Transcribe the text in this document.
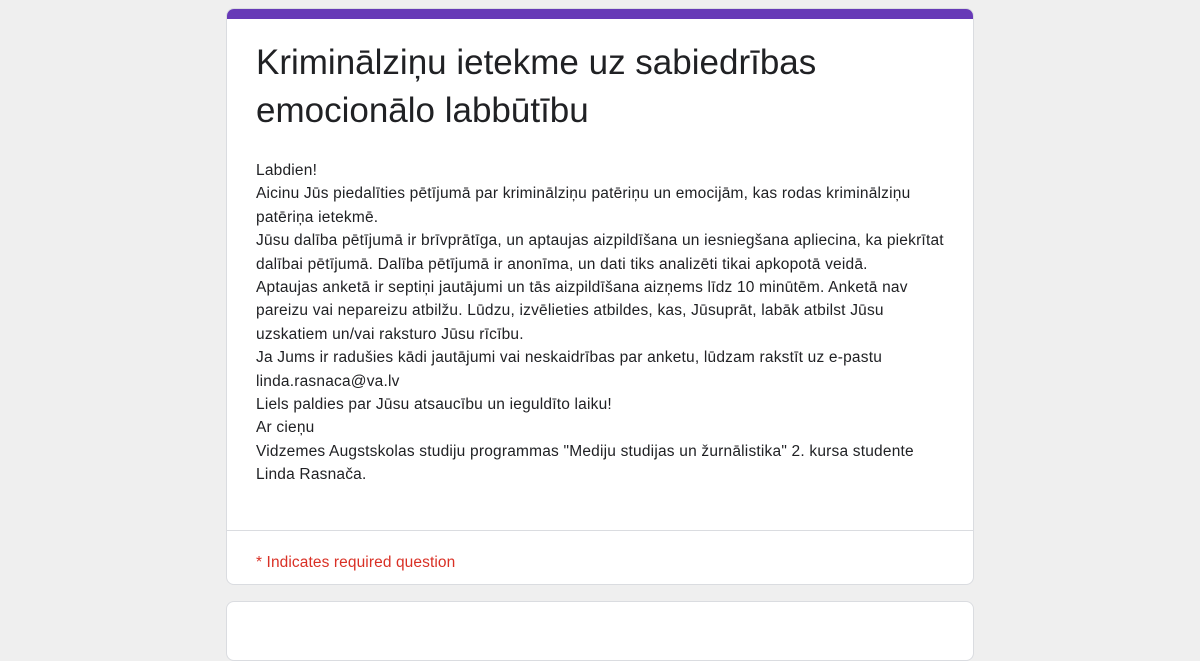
Kriminālziņu ietekme uz sabiedrības emocionālo labbūtību
Labdien!
Aicinu Jūs piedalīties pētījumā par kriminālziņu patēriņu un emocijām, kas rodas kriminālziņu patēriņa ietekmē.
Jūsu dalība pētījumā ir brīvprātīga, un aptaujas aizpildīšana un iesniegšana apliecina, ka piekrītat dalībai pētījumā. Dalība pētījumā ir anonīma, un dati tiks analizēti tikai apkopotā veidā.
Aptaujas anketā ir septiņi jautājumi un tās aizpildīšana aizņems līdz 10 minūtēm. Anketā nav pareizu vai nepareizu atbilžu. Lūdzu, izvēlieties atbildes, kas, Jūsuprāt, labāk atbilst Jūsu uzskatiem un/vai raksturo Jūsu rīcību.
Ja Jums ir radušies kādi jautājumi vai neskaidrības par anketu, lūdzam rakstīt uz e-pastu linda.rasnaca@va.lv
Liels paldies par Jūsu atsaucību un ieguldīto laiku!
Ar cieņu
Vidzemes Augstskolas studiju programmas "Mediju studijas un žurnālistika" 2. kursa studente Linda Rasnača.
* Indicates required question
